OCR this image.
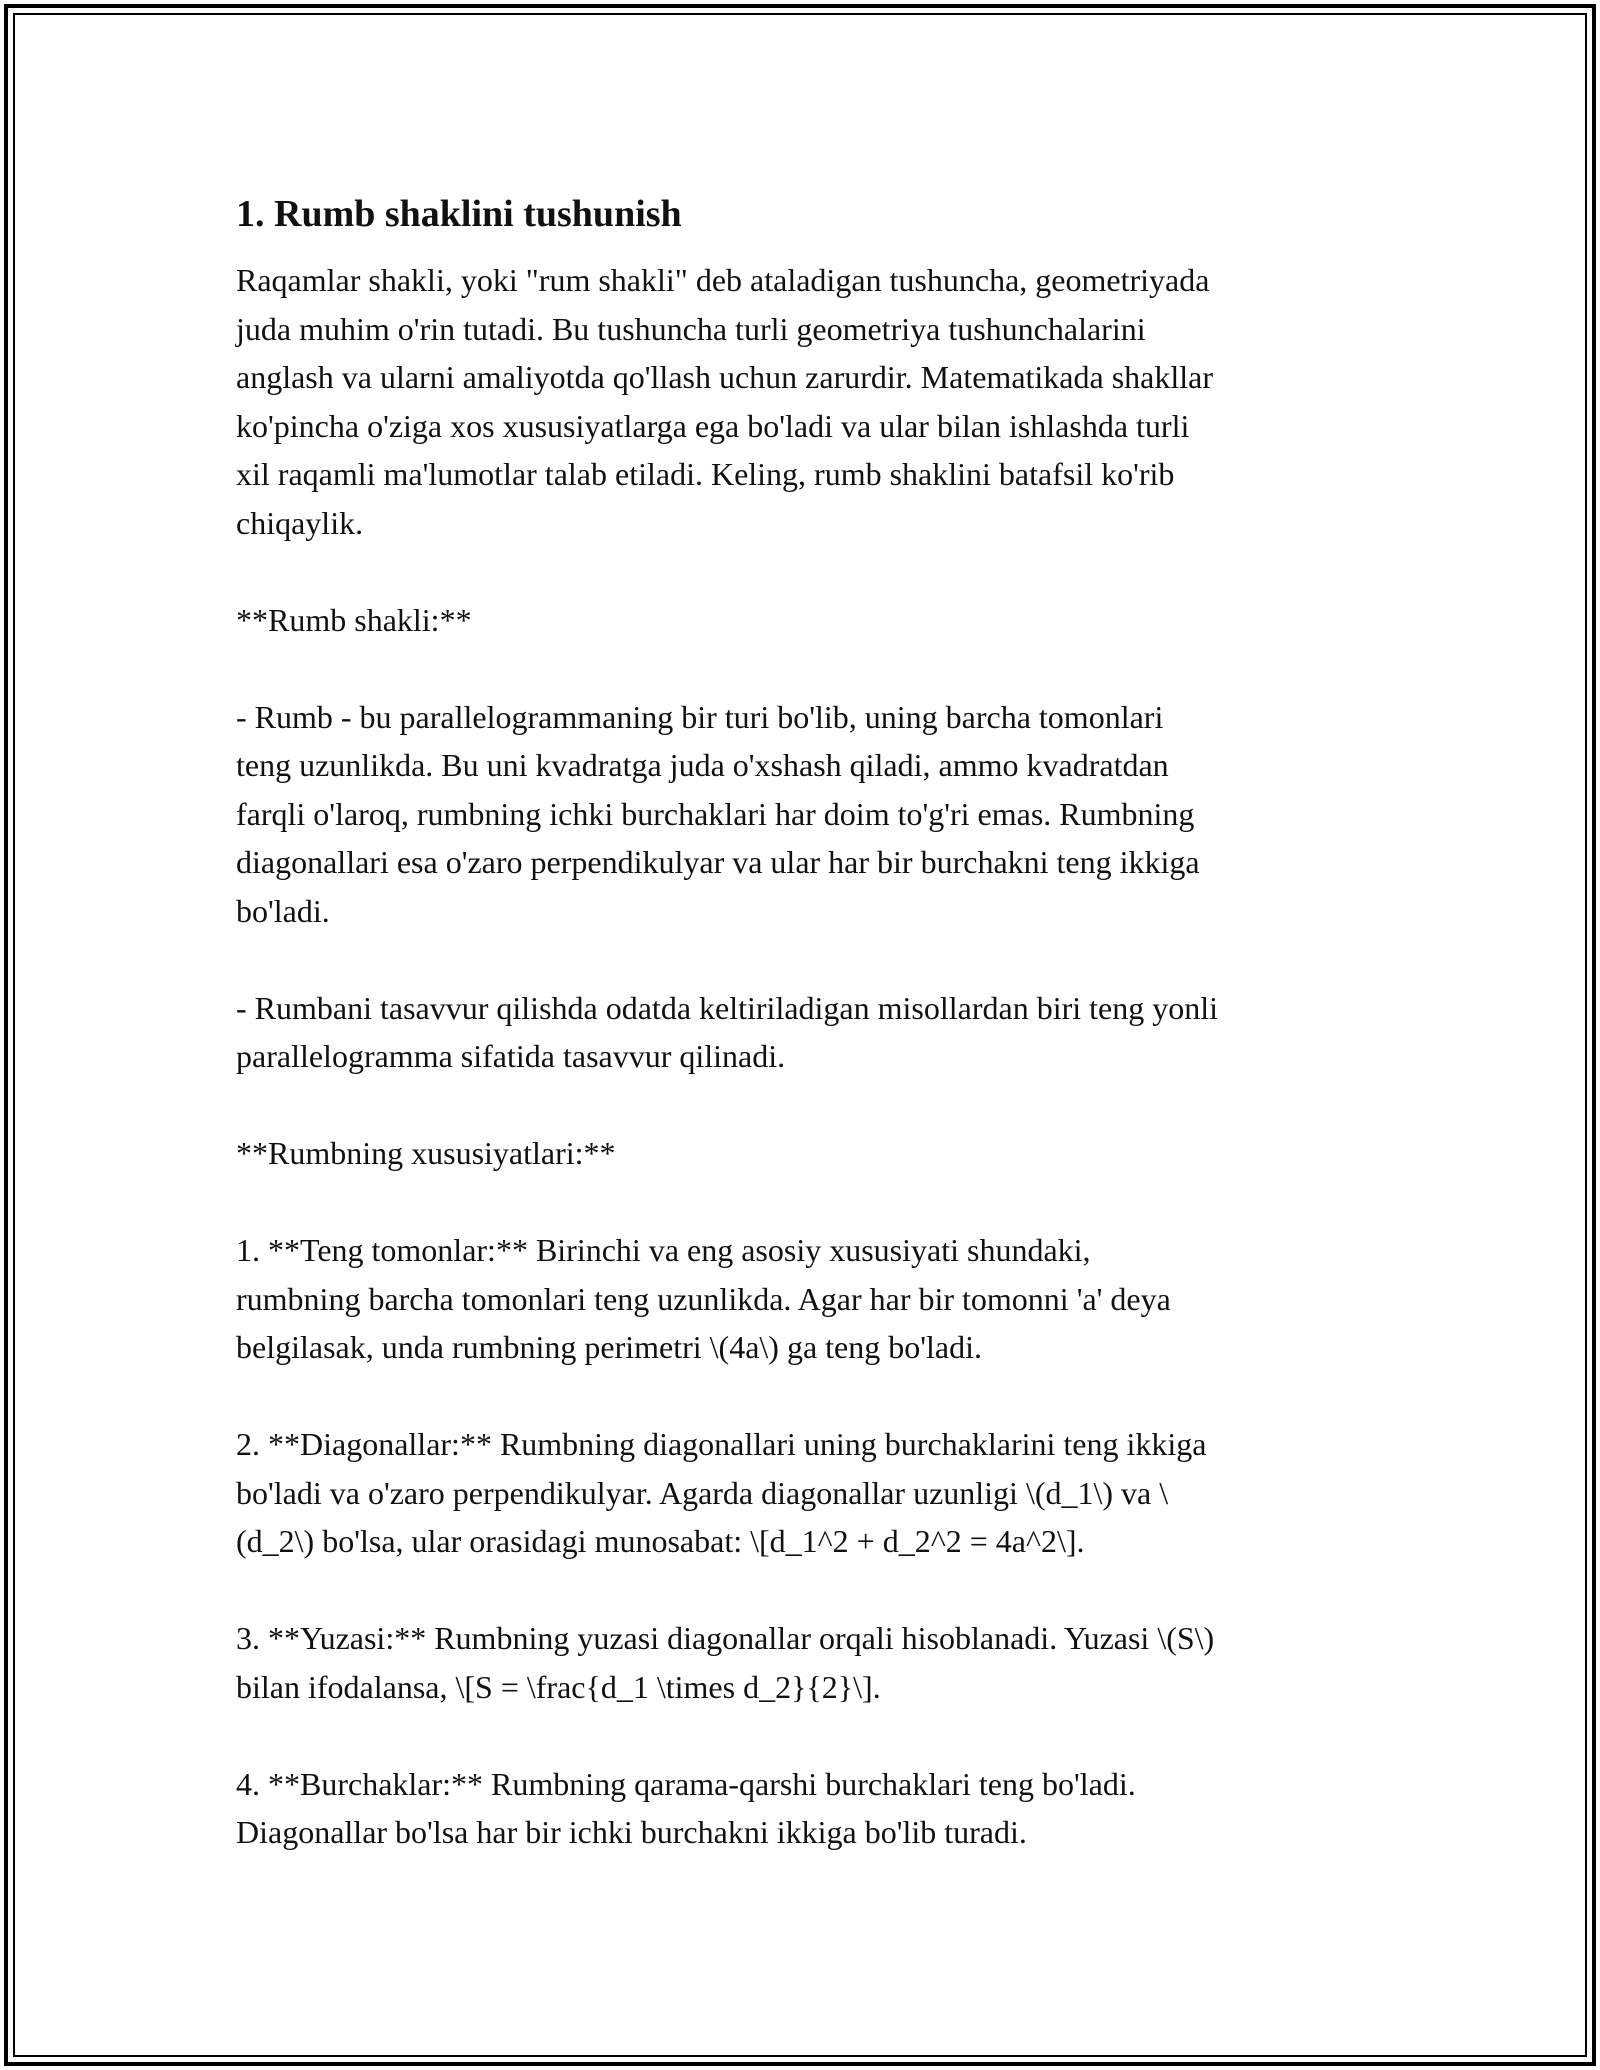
1. Rumb shaklini tushunish

Raqamlar shakli, yoki "rum shakli" deb ataladigan tushuncha, geometriyada
juda muhim o'rin tutadi. Bu tushuncha turli geometriya tushunchalarini
anglash va ularni amaliyotda qo'llash uchun zarurdir. Matematikada shakllar
ko'pincha o'ziga xos xususiyatlarga ega bo'ladi va ular bilan ishlashda turli
xil raqamli ma'lumotlar talab etiladi. Keling, rumb shaklini batafsil ko'rib
chiqaylik.

**Rumb shakli:**

- Rumb - bu parallelogrammaning bir turi bo'lib, uning barcha tomonlari
teng uzunlikda. Bu uni kvadratga juda o'xshash qiladi, ammo kvadratdan
farqli o'laroq, rumbning ichki burchaklari har doim to'g'ri emas. Rumbning
diagonallari esa o'zaro perpendikulyar va ular har bir burchakni teng ikkiga
bo'ladi.

- Rumbani tasavvur qilishda odatda keltiriladigan misollardan biri teng yonli
parallelogramma sifatida tasavvur qilinadi.

**Rumbning xususiyatlari:**

1. **Teng tomonlar:** Birinchi va eng asosiy xususiyati shundaki,
rumbning barcha tomonlari teng uzunlikda. Agar har bir tomonni 'a' deya
belgilasak, unda rumbning perimetri \(4a\) ga teng bo'ladi.

2. **Diagonallar:** Rumbning diagonallari uning burchaklarini teng ikkiga
bo'ladi va o'zaro perpendikulyar. Agarda diagonallar uzunligi \(d_1\) va \
(d_2\) bo'lsa, ular orasidagi munosabat: \[d_1^2 + d_2^2 = 4a^2\].

3. **Yuzasi:** Rumbning yuzasi diagonallar orqali hisoblanadi. Yuzasi \(S\)
bilan ifodalansa, \[S = \frac{d_1 \times d_2}{2}\].

4. **Burchaklar:** Rumbning qarama-qarshi burchaklari teng bo'ladi.
Diagonallar bo'lsa har bir ichki burchakni ikkiga bo'lib turadi.
